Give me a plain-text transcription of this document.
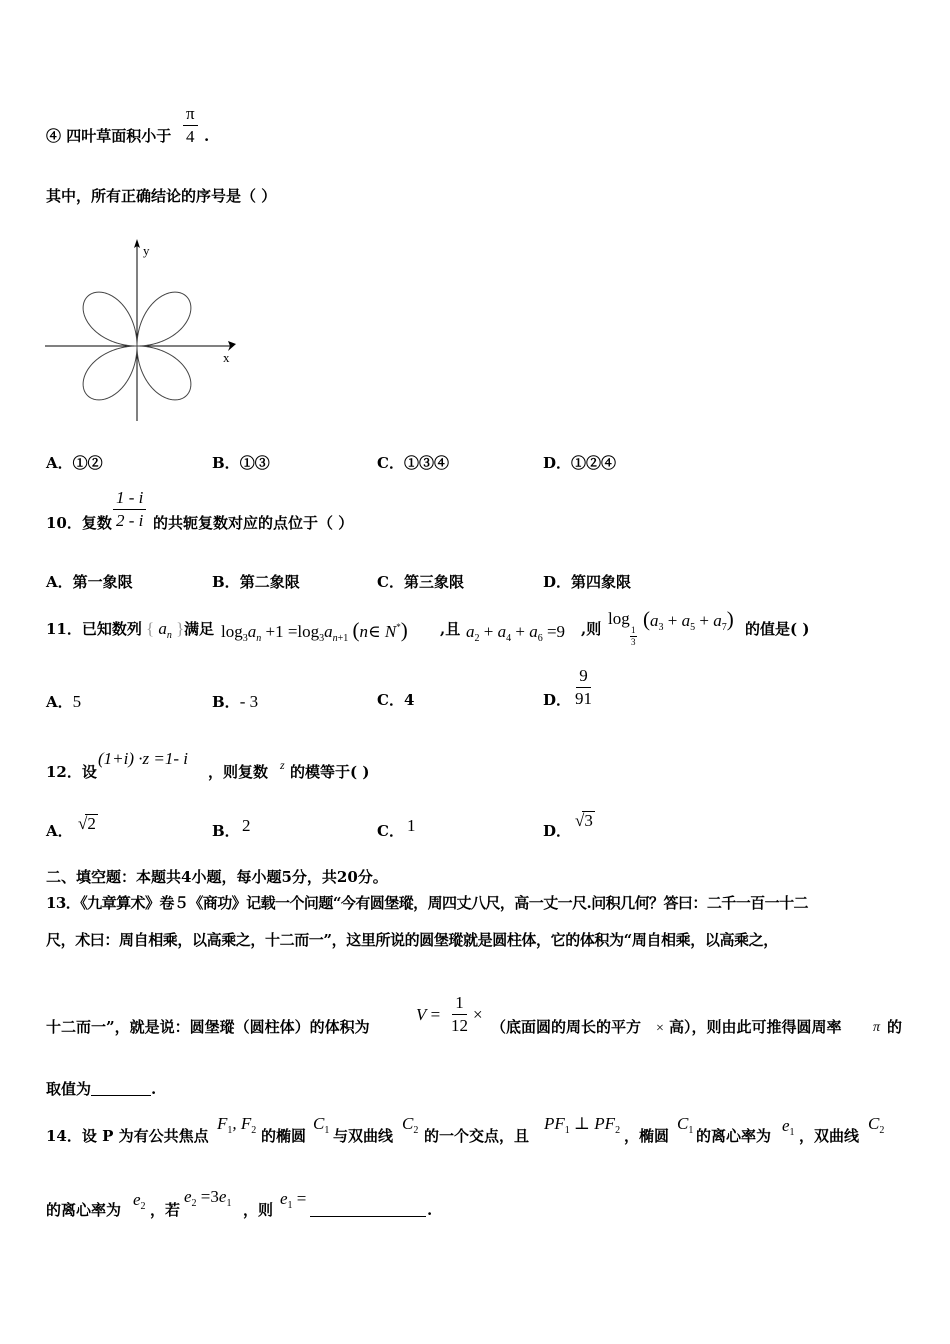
④ 四叶草面积小于 $\frac{\pi}{4}$ .
其中，所有正确结论的序号是（ ）
y
x
A．①②	B．①③	C．①③④	D．①②④
10．复数 $\frac{1 - i}{2 - i}$ 的共轭复数对应的点位于（ ）
A．第一象限	B．第二象限	C．第三象限	D．第四象限
11．已知数列 { $a_n$ } 满足 $\log_3a_n +1 =\log_3a_{n+1}$ (n∈ N*) ,且 $a_2 + a_4 + a_6 =9$ ,则
log
$\frac{1}{3}$
$(a_3 + a_5 + a_7)$ 的值是( )
A．5	B．- 3	C．4	D． $\frac{9}{91}$
12．设
(1+i) ·z =1- i
，则复数 z 的模等于( )
A． √2	B． 2	C． 1	D．
√3
二、填空题：本题共4小题，每小题5分，共20分。
13．《九章算术》卷５《商功》记载一个问题“今有圆堡瑽，周四丈八尺，高一丈一尺.问积几何？答曰：二千一百一十二
尺，术曰：周自相乘，以高乘之，十二而一”，这里所说的圆堡瑽就是圆柱体，它的体积为“周自相乘，以高乘之，
十二而一”，就是说：圆堡瑽（圆柱体）的体积为
$V = \frac{1}{12}$ ×
（底面圆的周长的平方 × 高），则由此可推得圆周率 π 的
取值为	.
14．设 P 为有公共焦点
$F_1$, $F_2$ 的椭圆
$C_1$ 与双曲线
$C_2$ 的一个交点，且
$PF_1$ ⊥ $PF_2$ ，椭圆
$C_1$ 的离心率为
$e_1$ ，双曲线
$C_2$
的离心率为
$e_2$ ，若
$e_2 =3e_1$ ，则
$e_1$ =
.
